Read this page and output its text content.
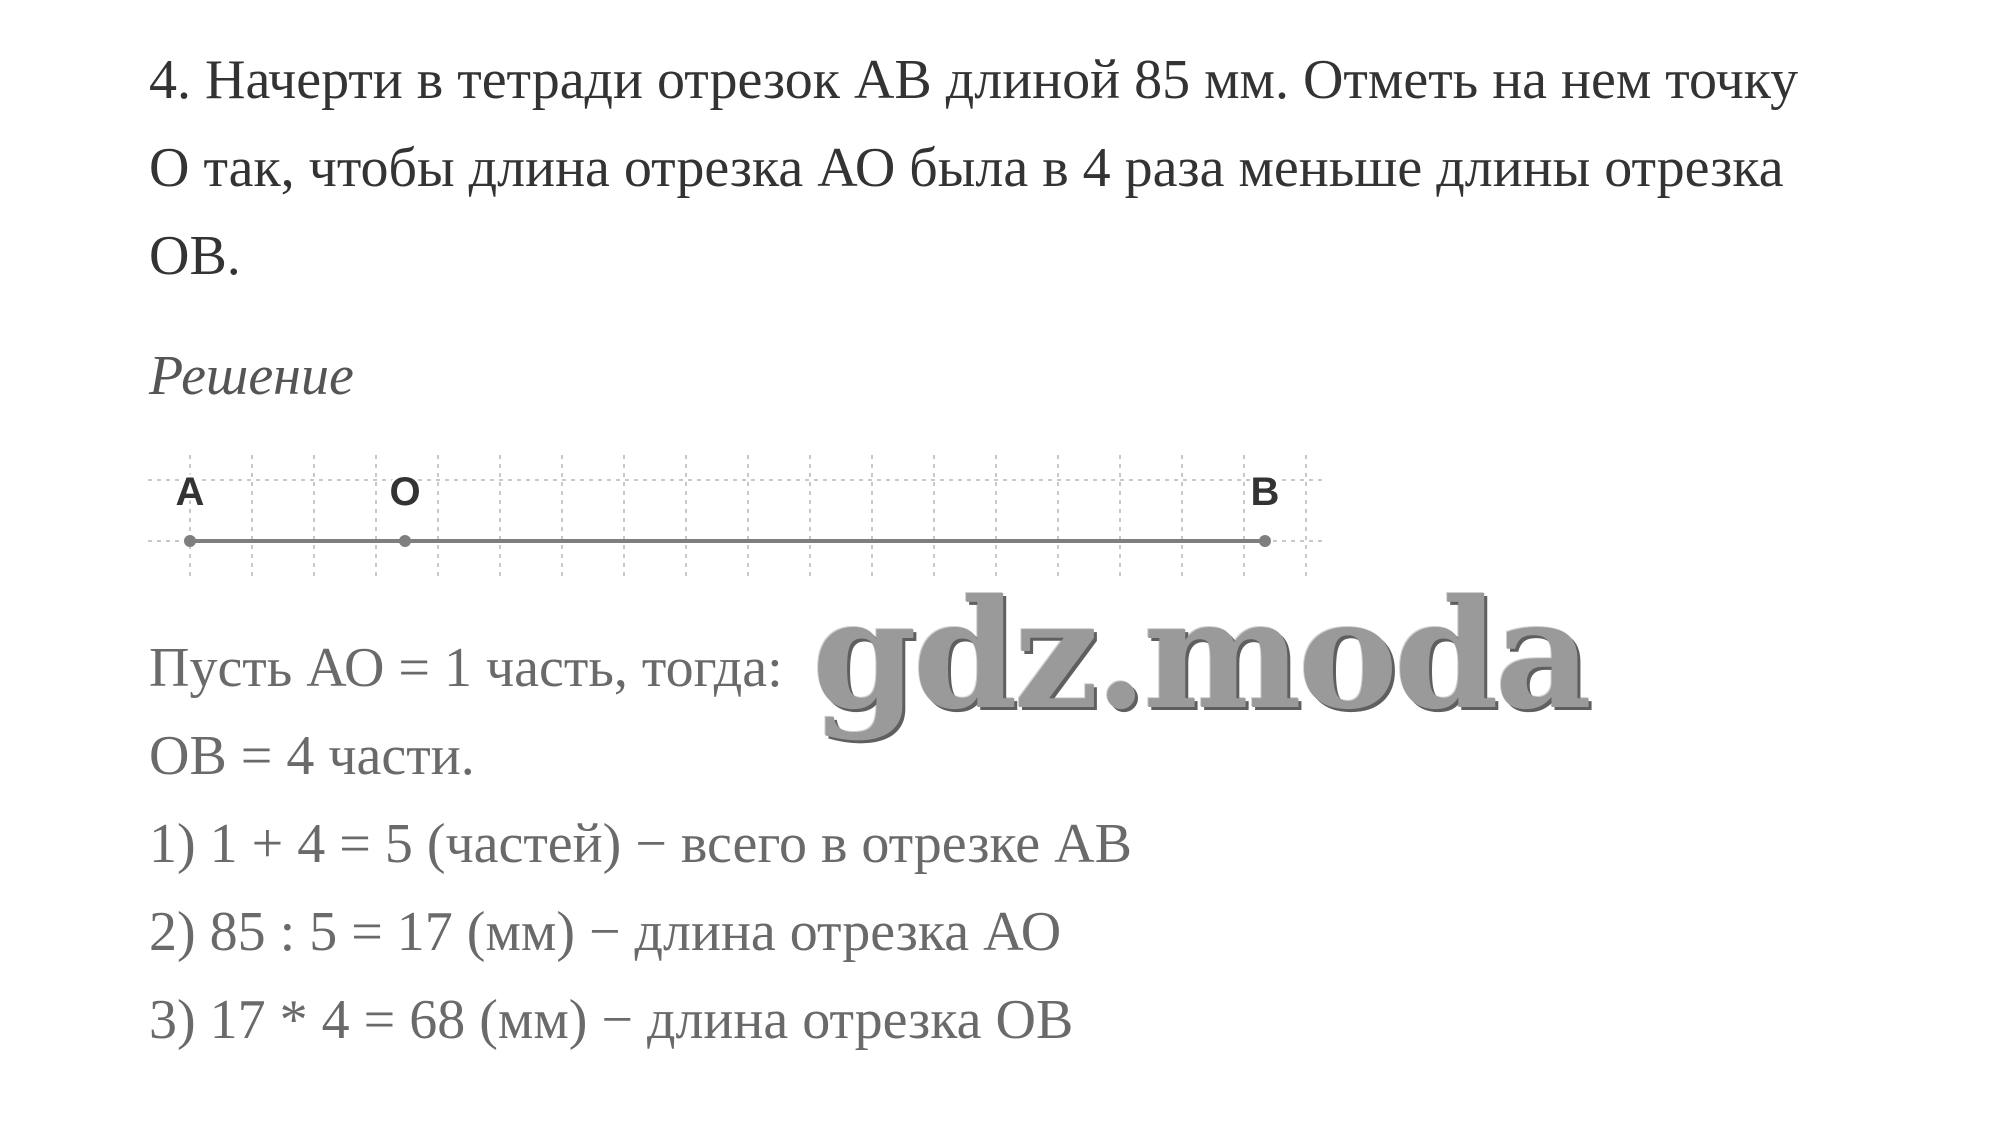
4. Начерти в тетради отрезок АВ длиной 85 мм. Отметь на нем точку
О так, чтобы длина отрезка АО была в 4 раза меньше длины отрезка
ОВ.
Решение
A	O	B
Пусть АО = 1 часть, тогда:
ОВ = 4 части.
1) 1 + 4 = 5 (частей) − всего в отрезке АВ
2) 85 : 5 = 17 (мм) − длина отрезка АО
3) 17 * 4 = 68 (мм) − длина отрезка ОВ
gdz.moda
